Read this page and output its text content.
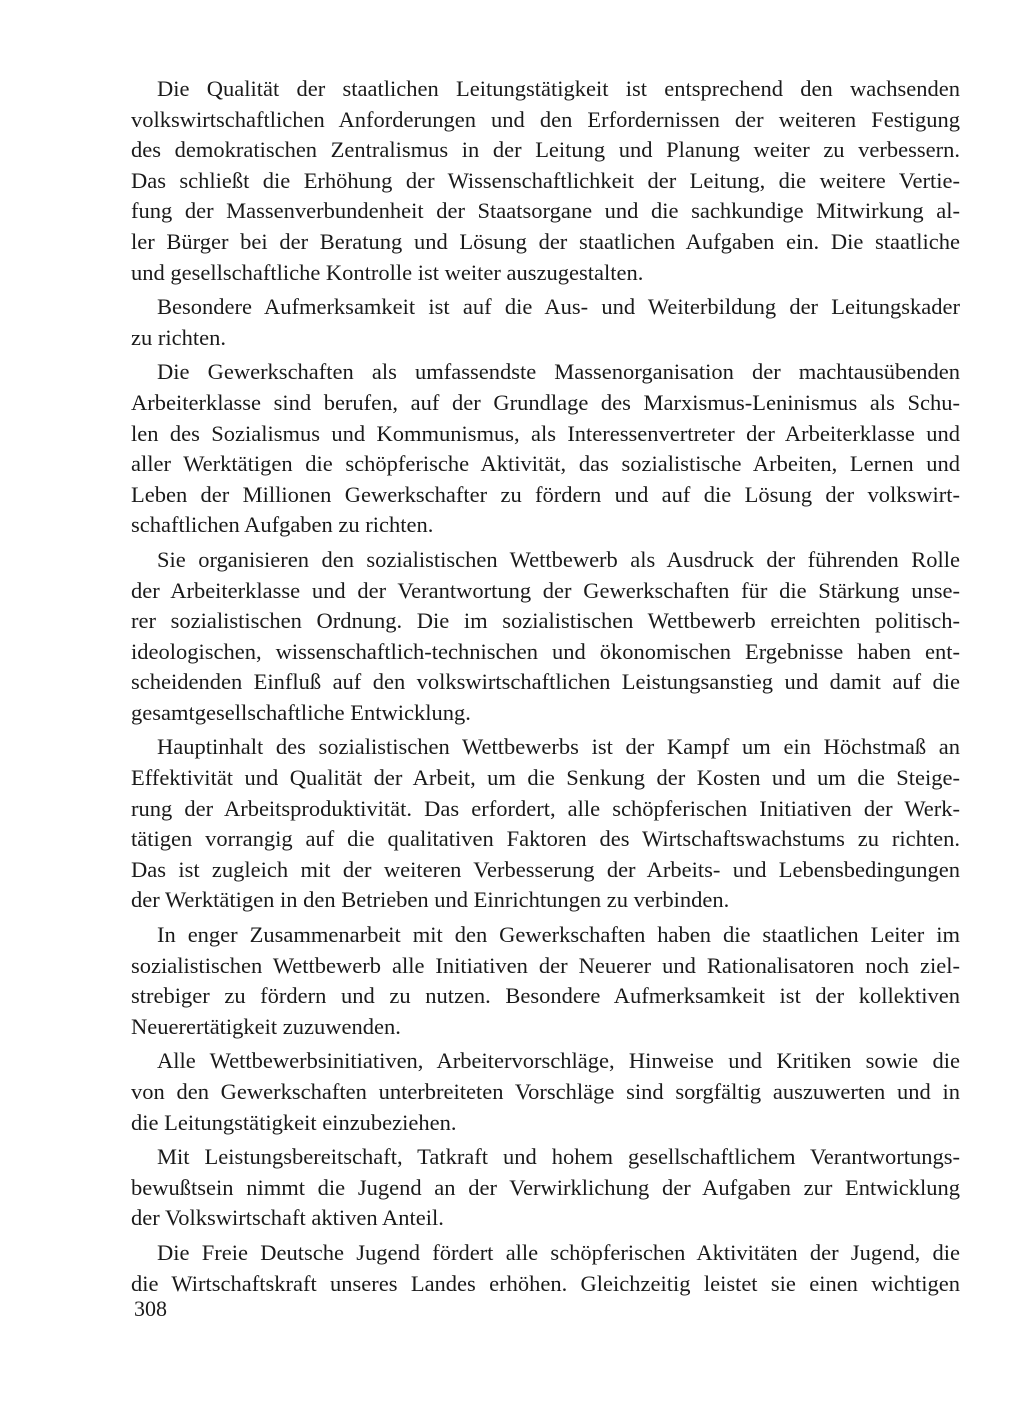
Die Qualität der staatlichen Leitungstätigkeit ist entsprechend den wachsenden
volkswirtschaftlichen Anforderungen und den Erfordernissen der weiteren Festigung
des demokratischen Zentralismus in der Leitung und Planung weiter zu verbessern.
Das schließt die Erhöhung der Wissenschaftlichkeit der Leitung, die weitere Vertie-
fung der Massenverbundenheit der Staatsorgane und die sachkundige Mitwirkung al-
ler Bürger bei der Beratung und Lösung der staatlichen Aufgaben ein. Die staatliche
und gesellschaftliche Kontrolle ist weiter auszugestalten.
Besondere Aufmerksamkeit ist auf die Aus- und Weiterbildung der Leitungskader
zu richten.
Die Gewerkschaften als umfassendste Massenorganisation der machtausübenden
Arbeiterklasse sind berufen, auf der Grundlage des Marxismus-Leninismus als Schu-
len des Sozialismus und Kommunismus, als Interessenvertreter der Arbeiterklasse und
aller Werktätigen die schöpferische Aktivität, das sozialistische Arbeiten, Lernen und
Leben der Millionen Gewerkschafter zu fördern und auf die Lösung der volkswirt-
schaftlichen Aufgaben zu richten.
Sie organisieren den sozialistischen Wettbewerb als Ausdruck der führenden Rolle
der Arbeiterklasse und der Verantwortung der Gewerkschaften für die Stärkung unse-
rer sozialistischen Ordnung. Die im sozialistischen Wettbewerb erreichten politisch-
ideologischen, wissenschaftlich-technischen und ökonomischen Ergebnisse haben ent-
scheidenden Einfluß auf den volkswirtschaftlichen Leistungsanstieg und damit auf die
gesamtgesellschaftliche Entwicklung.
Hauptinhalt des sozialistischen Wettbewerbs ist der Kampf um ein Höchstmaß an
Effektivität und Qualität der Arbeit, um die Senkung der Kosten und um die Steige-
rung der Arbeitsproduktivität. Das erfordert, alle schöpferischen Initiativen der Werk-
tätigen vorrangig auf die qualitativen Faktoren des Wirtschaftswachstums zu richten.
Das ist zugleich mit der weiteren Verbesserung der Arbeits- und Lebensbedingungen
der Werktätigen in den Betrieben und Einrichtungen zu verbinden.
In enger Zusammenarbeit mit den Gewerkschaften haben die staatlichen Leiter im
sozialistischen Wettbewerb alle Initiativen der Neuerer und Rationalisatoren noch ziel-
strebiger zu fördern und zu nutzen. Besondere Aufmerksamkeit ist der kollektiven
Neuerertätigkeit zuzuwenden.
Alle Wettbewerbsinitiativen, Arbeitervorschläge, Hinweise und Kritiken sowie die
von den Gewerkschaften unterbreiteten Vorschläge sind sorgfältig auszuwerten und in
die Leitungstätigkeit einzubeziehen.
Mit Leistungsbereitschaft, Tatkraft und hohem gesellschaftlichem Verantwortungs-
bewußtsein nimmt die Jugend an der Verwirklichung der Aufgaben zur Entwicklung
der Volkswirtschaft aktiven Anteil.
Die Freie Deutsche Jugend fördert alle schöpferischen Aktivitäten der Jugend, die
die Wirtschaftskraft unseres Landes erhöhen. Gleichzeitig leistet sie einen wichtigen
308
